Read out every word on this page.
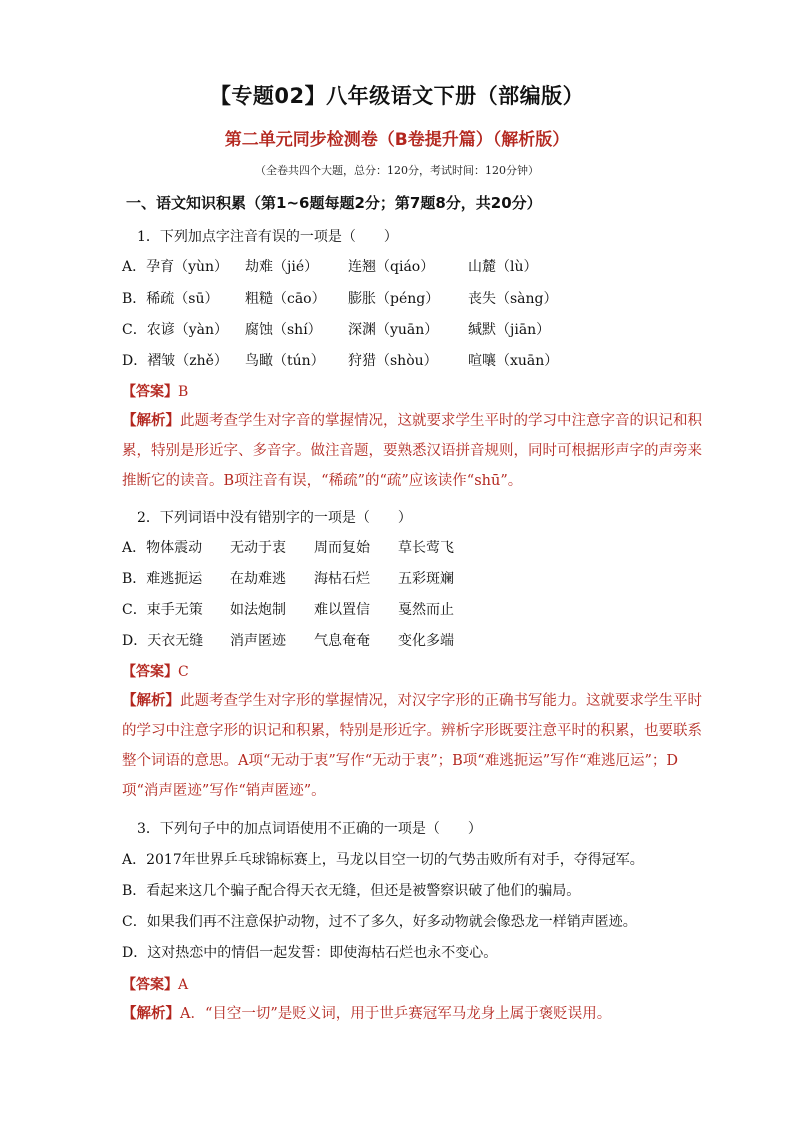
【专题02】八年级语文下册（部编版）
第二单元同步检测卷（B卷提升篇）（解析版）
（全卷共四个大题，总分：120分，考试时间：120分钟）
一、语文知识积累（第1~6题每题2分；第7题8分，共20分）
1．下列加点字注音有误的一项是（　　）
A．孕育（yùn） 劫难（jié） 连翘（qiáo） 山麓（lù）
B．稀疏（sū） 粗糙（cāo） 膨胀（péng） 丧失（sàng）
C．农谚（yàn） 腐蚀（shí） 深渊（yuān） 缄默（jiān）
D．褶皱（zhě） 鸟瞰（tún） 狩猎（shòu） 喧嚷（xuān）
【答案】B
【解析】此题考查学生对字音的掌握情况，这就要求学生平时的学习中注意字音的识记和积累，特别是形近字、多音字。做注音题，要熟悉汉语拼音规则，同时可根据形声字的声旁来推断它的读音。B项注音有误，“稀疏”的“疏”应该读作“shū”。
2．下列词语中没有错别字的一项是（　　）
A．物体震动 无动于衷 周而复始 草长莺飞
B．难逃扼运 在劫难逃 海枯石烂 五彩斑斓
C．束手无策 如法炮制 难以置信 戛然而止
D．天衣无缝 消声匿迹 气息奄奄 变化多端
【答案】C
【解析】此题考查学生对字形的掌握情况，对汉字字形的正确书写能力。这就要求学生平时的学习中注意字形的识记和积累，特别是形近字。辨析字形既要注意平时的积累，也要联系整个词语的意思。A项“无动于衷”写作“无动于衷”；B项“难逃扼运”写作“难逃厄运”；D项“消声匿迹”写作“销声匿迹”。
3．下列句子中的加点词语使用不正确的一项是（　　）
A．2017年世界乒乓球锦标赛上，马龙以目空一切的气势击败所有对手，夺得冠军。
B．看起来这几个骗子配合得天衣无缝，但还是被警察识破了他们的骗局。
C．如果我们再不注意保护动物，过不了多久，好多动物就会像恐龙一样销声匿迹。
D．这对热恋中的情侣一起发誓：即使海枯石烂也永不变心。
【答案】A
【解析】A．“目空一切”是贬义词，用于世乒赛冠军马龙身上属于褒贬误用。
